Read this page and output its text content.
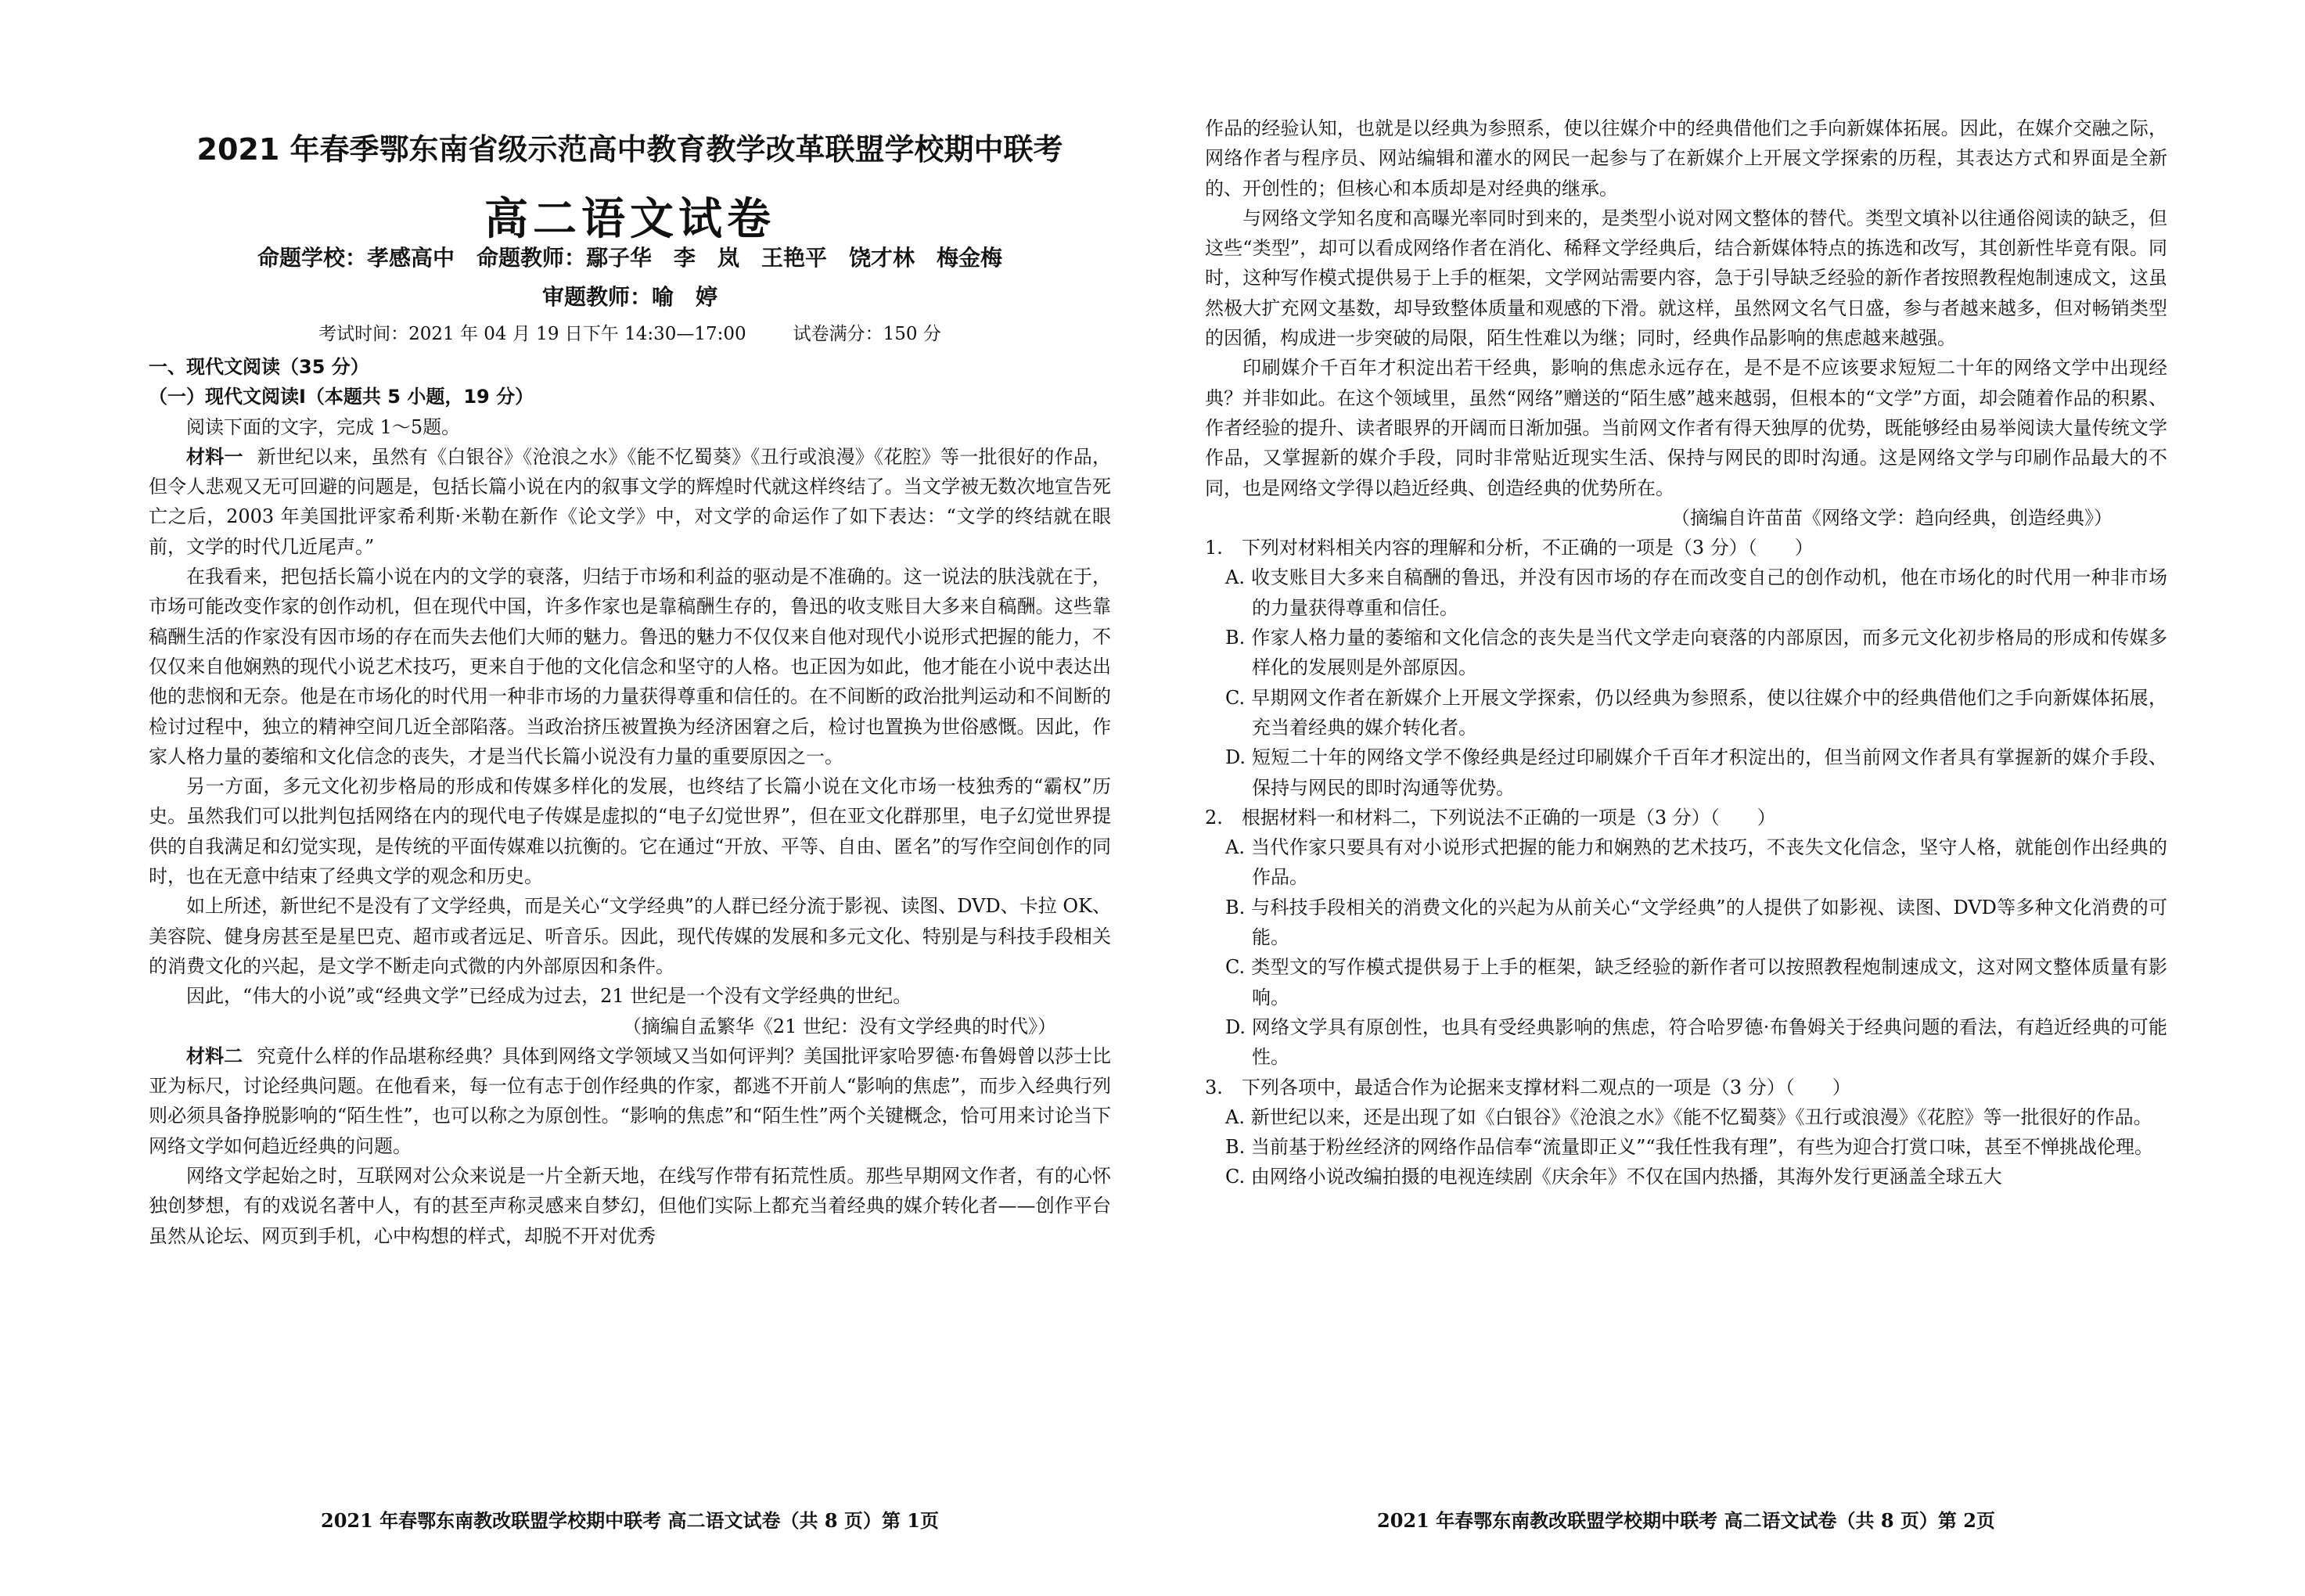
2021 年春季鄂东南省级示范高中教育教学改革联盟学校期中联考
高二语文试卷
命题学校：孝感高中　命题教师：鄢子华　李　岚　王艳平　饶才林　梅金梅
审题教师：喻　婷
考试时间：2021 年 04 月 19 日下午 14:30—17:00	试卷满分：150 分

一、现代文阅读（35 分）

（一）现代文阅读Ⅰ（本题共 5 小题，19 分）

阅读下面的文字，完成 1～5题。

材料一 新世纪以来，虽然有《白银谷》《沧浪之水》《能不忆蜀葵》《丑行或浪漫》《花腔》等一批很好的作品，但令人悲观又无可回避的问题是，包括长篇小说在内的叙事文学的辉煌时代就这样终结了。当文学被无数次地宣告死亡之后，2003 年美国批评家希利斯·米勒在新作《论文学》中，对文学的命运作了如下表达：“文学的终结就在眼前，文学的时代几近尾声。”

在我看来，把包括长篇小说在内的文学的衰落，归结于市场和利益的驱动是不准确的。这一说法的肤浅就在于，市场可能改变作家的创作动机，但在现代中国，许多作家也是靠稿酬生存的，鲁迅的收支账目大多来自稿酬。这些靠稿酬生活的作家没有因市场的存在而失去他们大师的魅力。鲁迅的魅力不仅仅来自他对现代小说形式把握的能力，不仅仅来自他娴熟的现代小说艺术技巧，更来自于他的文化信念和坚守的人格。也正因为如此，他才能在小说中表达出他的悲悯和无奈。他是在市场化的时代用一种非市场的力量获得尊重和信任的。在不间断的政治批判运动和不间断的检讨过程中，独立的精神空间几近全部陷落。当政治挤压被置换为经济困窘之后，检讨也置换为世俗感慨。因此，作家人格力量的萎缩和文化信念的丧失，才是当代长篇小说没有力量的重要原因之一。

另一方面，多元文化初步格局的形成和传媒多样化的发展，也终结了长篇小说在文化市场一枝独秀的“霸权”历史。虽然我们可以批判包括网络在内的现代电子传媒是虚拟的“电子幻觉世界”，但在亚文化群那里，电子幻觉世界提供的自我满足和幻觉实现，是传统的平面传媒难以抗衡的。它在通过“开放、平等、自由、匿名”的写作空间创作的同时，也在无意中结束了经典文学的观念和历史。

如上所述，新世纪不是没有了文学经典，而是关心“文学经典”的人群已经分流于影视、读图、DVD、卡拉 OK、美容院、健身房甚至是星巴克、超市或者远足、听音乐。因此，现代传媒的发展和多元文化、特别是与科技手段相关的消费文化的兴起，是文学不断走向式微的内外部原因和条件。

因此，“伟大的小说”或“经典文学”已经成为过去，21 世纪是一个没有文学经典的世纪。

（摘编自孟繁华《21 世纪：没有文学经典的时代》）

材料二 究竟什么样的作品堪称经典？具体到网络文学领域又当如何评判？美国批评家哈罗德·布鲁姆曾以莎士比亚为标尺，讨论经典问题。在他看来，每一位有志于创作经典的作家，都逃不开前人“影响的焦虑”，而步入经典行列则必须具备挣脱影响的“陌生性”，也可以称之为原创性。“影响的焦虑”和“陌生性”两个关键概念，恰可用来讨论当下网络文学如何趋近经典的问题。

网络文学起始之时，互联网对公众来说是一片全新天地，在线写作带有拓荒性质。那些早期网文作者，有的心怀独创梦想，有的戏说名著中人，有的甚至声称灵感来自梦幻，但他们实际上都充当着经典的媒介转化者——创作平台虽然从论坛、网页到手机，心中构想的样式，却脱不开对优秀

2021 年春鄂东南教改联盟学校期中联考 高二语文试卷（共 8 页）第 1页

作品的经验认知，也就是以经典为参照系，使以往媒介中的经典借他们之手向新媒体拓展。因此，在媒介交融之际，网络作者与程序员、网站编辑和灌水的网民一起参与了在新媒介上开展文学探索的历程，其表达方式和界面是全新的、开创性的；但核心和本质却是对经典的继承。

与网络文学知名度和高曝光率同时到来的，是类型小说对网文整体的替代。类型文填补以往通俗阅读的缺乏，但这些“类型”，却可以看成网络作者在消化、稀释文学经典后，结合新媒体特点的拣选和改写，其创新性毕竟有限。同时，这种写作模式提供易于上手的框架，文学网站需要内容，急于引导缺乏经验的新作者按照教程炮制速成文，这虽然极大扩充网文基数，却导致整体质量和观感的下滑。就这样，虽然网文名气日盛，参与者越来越多，但对畅销类型的因循，构成进一步突破的局限，陌生性难以为继；同时，经典作品影响的焦虑越来越强。

印刷媒介千百年才积淀出若干经典，影响的焦虑永远存在，是不是不应该要求短短二十年的网络文学中出现经典？并非如此。在这个领域里，虽然“网络”赠送的“陌生感”越来越弱，但根本的“文学”方面，却会随着作品的积累、作者经验的提升、读者眼界的开阔而日渐加强。当前网文作者有得天独厚的优势，既能够经由易举阅读大量传统文学作品，又掌握新的媒介手段，同时非常贴近现实生活、保持与网民的即时沟通。这是网络文学与印刷作品最大的不同，也是网络文学得以趋近经典、创造经典的优势所在。

（摘编自许苗苗《网络文学：趋向经典，创造经典》）

1.　下列对材料相关内容的理解和分析，不正确的一项是（3 分）（　　）

A. 收支账目大多来自稿酬的鲁迅，并没有因市场的存在而改变自己的创作动机，他在市场化的时代用一种非市场的力量获得尊重和信任。

B. 作家人格力量的萎缩和文化信念的丧失是当代文学走向衰落的内部原因，而多元文化初步格局的形成和传媒多样化的发展则是外部原因。

C. 早期网文作者在新媒介上开展文学探索，仍以经典为参照系，使以往媒介中的经典借他们之手向新媒体拓展，充当着经典的媒介转化者。

D. 短短二十年的网络文学不像经典是经过印刷媒介千百年才积淀出的，但当前网文作者具有掌握新的媒介手段、保持与网民的即时沟通等优势。

2.　根据材料一和材料二，下列说法不正确的一项是（3 分）（　　）

A. 当代作家只要具有对小说形式把握的能力和娴熟的艺术技巧，不丧失文化信念，坚守人格，就能创作出经典的作品。

B. 与科技手段相关的消费文化的兴起为从前关心“文学经典”的人提供了如影视、读图、DVD等多种文化消费的可能。

C. 类型文的写作模式提供易于上手的框架，缺乏经验的新作者可以按照教程炮制速成文，这对网文整体质量有影响。

D. 网络文学具有原创性，也具有受经典影响的焦虑，符合哈罗德·布鲁姆关于经典问题的看法，有趋近经典的可能性。

3.　下列各项中，最适合作为论据来支撑材料二观点的一项是（3 分）（　　）

A. 新世纪以来，还是出现了如《白银谷》《沧浪之水》《能不忆蜀葵》《丑行或浪漫》《花腔》等一批很好的作品。

B. 当前基于粉丝经济的网络作品信奉“流量即正义”“我任性我有理”，有些为迎合打赏口味，甚至不惮挑战伦理。

C. 由网络小说改编拍摄的电视连续剧《庆余年》不仅在国内热播，其海外发行更涵盖全球五大

2021 年春鄂东南教改联盟学校期中联考 高二语文试卷（共 8 页）第 2页
